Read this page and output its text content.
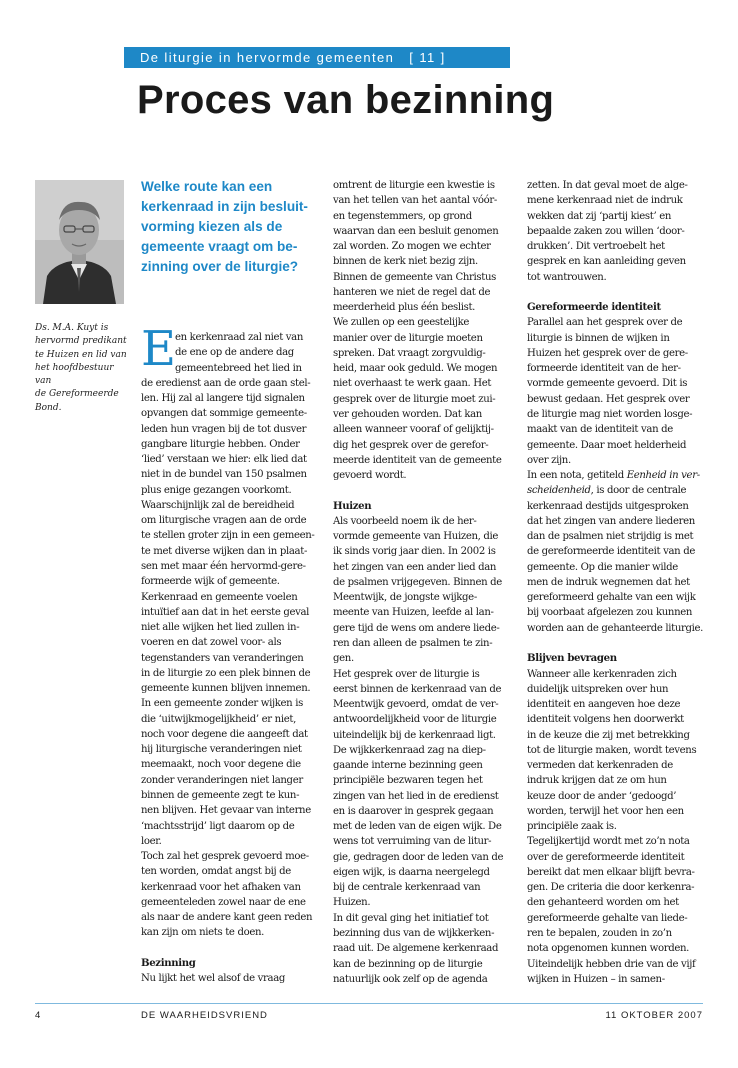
De liturgie in hervormde gemeenten   [ 11 ]
Proces van bezinning
Ds. M.A. Kuyt is
hervormd predikant
te Huizen en lid van
het hoofdbestuur van
de Gereformeerde
Bond.
Welke route kan een
kerkenraad in zijn besluit-
vorming kiezen als de
gemeente vraagt om be-
zinning over de liturgie?
E
en kerkenraad zal niet van
de ene op de andere dag
gemeentebreed het lied in
de eredienst aan de orde gaan stel-
len. Hij zal al langere tijd signalen
opvangen dat sommige gemeente-
leden hun vragen bij de tot dusver
gangbare liturgie hebben. Onder
‘lied’ verstaan we hier: elk lied dat
niet in de bundel van 150 psalmen
plus enige gezangen voorkomt.
Waarschijnlijk zal de bereidheid
om liturgische vragen aan de orde
te stellen groter zijn in een gemeen-
te met diverse wijken dan in plaat-
sen met maar één hervormd-gere-
formeerde wijk of gemeente.
Kerkenraad en gemeente voelen
intuïtief aan dat in het eerste geval
niet alle wijken het lied zullen in-
voeren en dat zowel voor- als
tegenstanders van veranderingen
in de liturgie zo een plek binnen de
gemeente kunnen blijven innemen.
In een gemeente zonder wijken is
die ‘uitwijkmogelijkheid’ er niet,
noch voor degene die aangeeft dat
hij liturgische veranderingen niet
meemaakt, noch voor degene die
zonder veranderingen niet langer
binnen de gemeente zegt te kun-
nen blijven. Het gevaar van interne
‘machtsstrijd’ ligt daarom op de
loer.
Toch zal het gesprek gevoerd moe-
ten worden, omdat angst bij de
kerkenraad voor het afhaken van
gemeenteleden zowel naar de ene
als naar de andere kant geen reden
kan zijn om niets te doen.
Bezinning
Nu lijkt het wel alsof de vraag
omtrent de liturgie een kwestie is
van het tellen van het aantal vóór-
en tegenstemmers, op grond
waarvan dan een besluit genomen
zal worden. Zo mogen we echter
binnen de kerk niet bezig zijn.
Binnen de gemeente van Christus
hanteren we niet de regel dat de
meerderheid plus één beslist.
We zullen op een geestelijke
manier over de liturgie moeten
spreken. Dat vraagt zorgvuldig-
heid, maar ook geduld. We mogen
niet overhaast te werk gaan. Het
gesprek over de liturgie moet zui-
ver gehouden worden. Dat kan
alleen wanneer vooraf of gelijktij-
dig het gesprek over de gerefor-
meerde identiteit van de gemeente
gevoerd wordt.
Huizen
Als voorbeeld noem ik de her-
vormde gemeente van Huizen, die
ik sinds vorig jaar dien. In 2002 is
het zingen van een ander lied dan
de psalmen vrijgegeven. Binnen de
Meentwijk, de jongste wijkge-
meente van Huizen, leefde al lan-
gere tijd de wens om andere liede-
ren dan alleen de psalmen te zin-
gen.
Het gesprek over de liturgie is
eerst binnen de kerkenraad van de
Meentwijk gevoerd, omdat de ver-
antwoordelijkheid voor de liturgie
uiteindelijk bij de kerkenraad ligt.
De wijkkerkenraad zag na diep-
gaande interne bezinning geen
principiële bezwaren tegen het
zingen van het lied in de eredienst
en is daarover in gesprek gegaan
met de leden van de eigen wijk. De
wens tot verruiming van de litur-
gie, gedragen door de leden van de
eigen wijk, is daarna neergelegd
bij de centrale kerkenraad van
Huizen.
In dit geval ging het initiatief tot
bezinning dus van de wijkkerken-
raad uit. De algemene kerkenraad
kan de bezinning op de liturgie
natuurlijk ook zelf op de agenda
zetten. In dat geval moet de alge-
mene kerkenraad niet de indruk
wekken dat zij ‘partij kiest’ en
bepaalde zaken zou willen ‘door-
drukken’. Dit vertroebelt het
gesprek en kan aanleiding geven
tot wantrouwen.
Gereformeerde identiteit
Parallel aan het gesprek over de
liturgie is binnen de wijken in
Huizen het gesprek over de gere-
formeerde identiteit van de her-
vormde gemeente gevoerd. Dit is
bewust gedaan. Het gesprek over
de liturgie mag niet worden losge-
maakt van de identiteit van de
gemeente. Daar moet helderheid
over zijn.
In een nota, getiteld Eenheid in ver-
scheidenheid, is door de centrale
kerkenraad destijds uitgesproken
dat het zingen van andere liederen
dan de psalmen niet strijdig is met
de gereformeerde identiteit van de
gemeente. Op die manier wilde
men de indruk wegnemen dat het
gereformeerd gehalte van een wijk
bij voorbaat afgelezen zou kunnen
worden aan de gehanteerde liturgie.
Blijven bevragen
Wanneer alle kerkenraden zich
duidelijk uitspreken over hun
identiteit en aangeven hoe deze
identiteit volgens hen doorwerkt
in de keuze die zij met betrekking
tot de liturgie maken, wordt tevens
vermeden dat kerkenraden de
indruk krijgen dat ze om hun
keuze door de ander ‘gedoogd’
worden, terwijl het voor hen een
principiële zaak is.
Tegelijkertijd wordt met zo’n nota
over de gereformeerde identiteit
bereikt dat men elkaar blijft bevra-
gen. De criteria die door kerkenra-
den gehanteerd worden om het
gereformeerde gehalte van liede-
ren te bepalen, zouden in zo’n
nota opgenomen kunnen worden.
Uiteindelijk hebben drie van de vijf
wijken in Huizen – in samen-
4	DE WAARHEIDSVRIEND	11 OKTOBER 2007
